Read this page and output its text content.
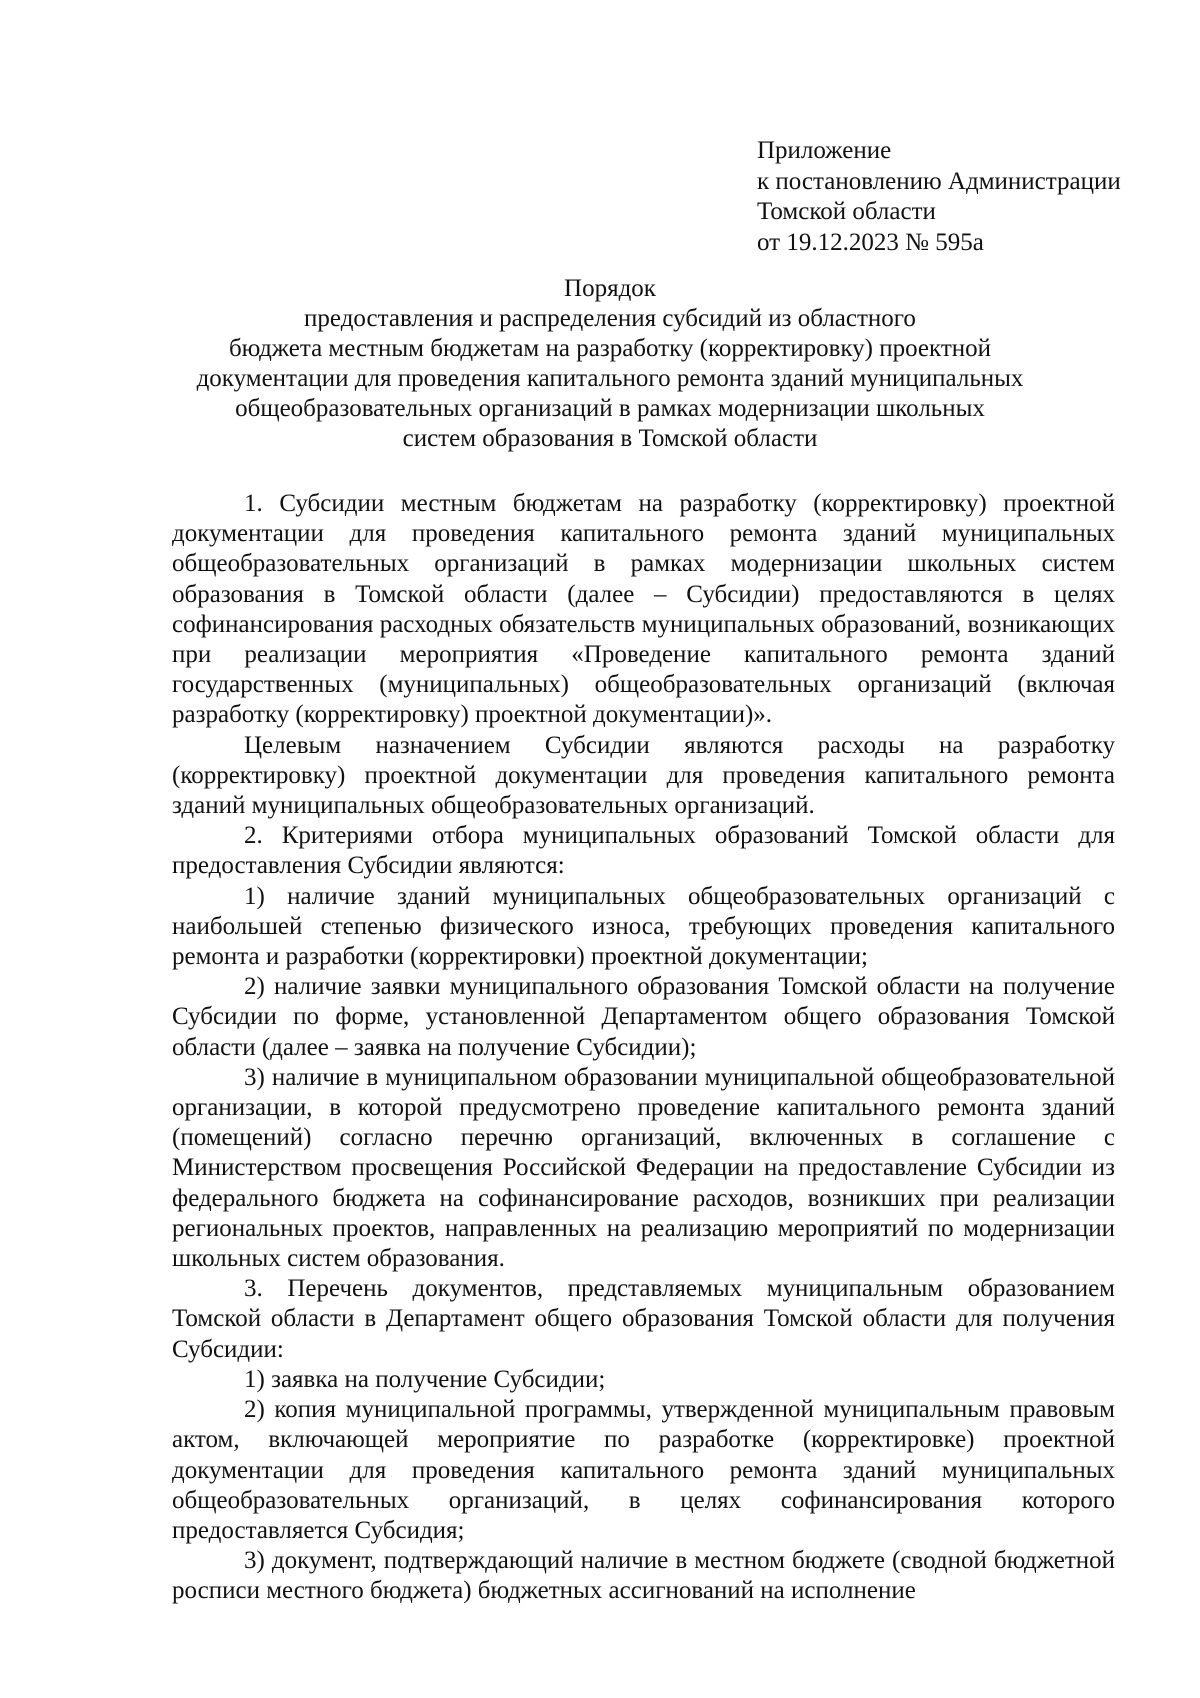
Приложение
к постановлению Администрации
Томской области
от 19.12.2023 № 595а
Порядок
предоставления и распределения субсидий из областного
бюджета местным бюджетам на разработку (корректировку) проектной
документации для проведения капитального ремонта зданий муниципальных
общеобразовательных организаций в рамках модернизации школьных
систем образования в Томской области

1. Субсидии местным бюджетам на разработку (корректировку) проектной документации для проведения капитального ремонта зданий муниципальных общеобразовательных организаций в рамках модернизации школьных систем образования в Томской области (далее – Субсидии) предоставляются в целях софинансирования расходных обязательств муниципальных образований, возникающих при реализации мероприятия «Проведение капитального ремонта зданий государственных (муниципальных) общеобразовательных организаций (включая разработку (корректировку) проектной документации)».

Целевым назначением Субсидии являются расходы на разработку (корректировку) проектной документации для проведения капитального ремонта зданий муниципальных общеобразовательных организаций.

2. Критериями отбора муниципальных образований Томской области для предоставления Субсидии являются:

1) наличие зданий муниципальных общеобразовательных организаций с наибольшей степенью физического износа, требующих проведения капитального ремонта и разработки (корректировки) проектной документации;

2) наличие заявки муниципального образования Томской области на получение Субсидии по форме, установленной Департаментом общего образования Томской области (далее – заявка на получение Субсидии);

3) наличие в муниципальном образовании муниципальной общеобразовательной организации, в которой предусмотрено проведение капитального ремонта зданий (помещений) согласно перечню организаций, включенных в соглашение с Министерством просвещения Российской Федерации на предоставление Субсидии из федерального бюджета на софинансирование расходов, возникших при реализации региональных проектов, направленных на реализацию мероприятий по модернизации школьных систем образования.

3. Перечень документов, представляемых муниципальным образованием Томской области в Департамент общего образования Томской области для получения Субсидии:

1) заявка на получение Субсидии;

2) копия муниципальной программы, утвержденной муниципальным правовым актом, включающей мероприятие по разработке (корректировке) проектной документации для проведения капитального ремонта зданий муниципальных общеобразовательных организаций, в целях софинансирования которого предоставляется Субсидия;

3) документ, подтверждающий наличие в местном бюджете (сводной бюджетной росписи местного бюджета) бюджетных ассигнований на исполнение
